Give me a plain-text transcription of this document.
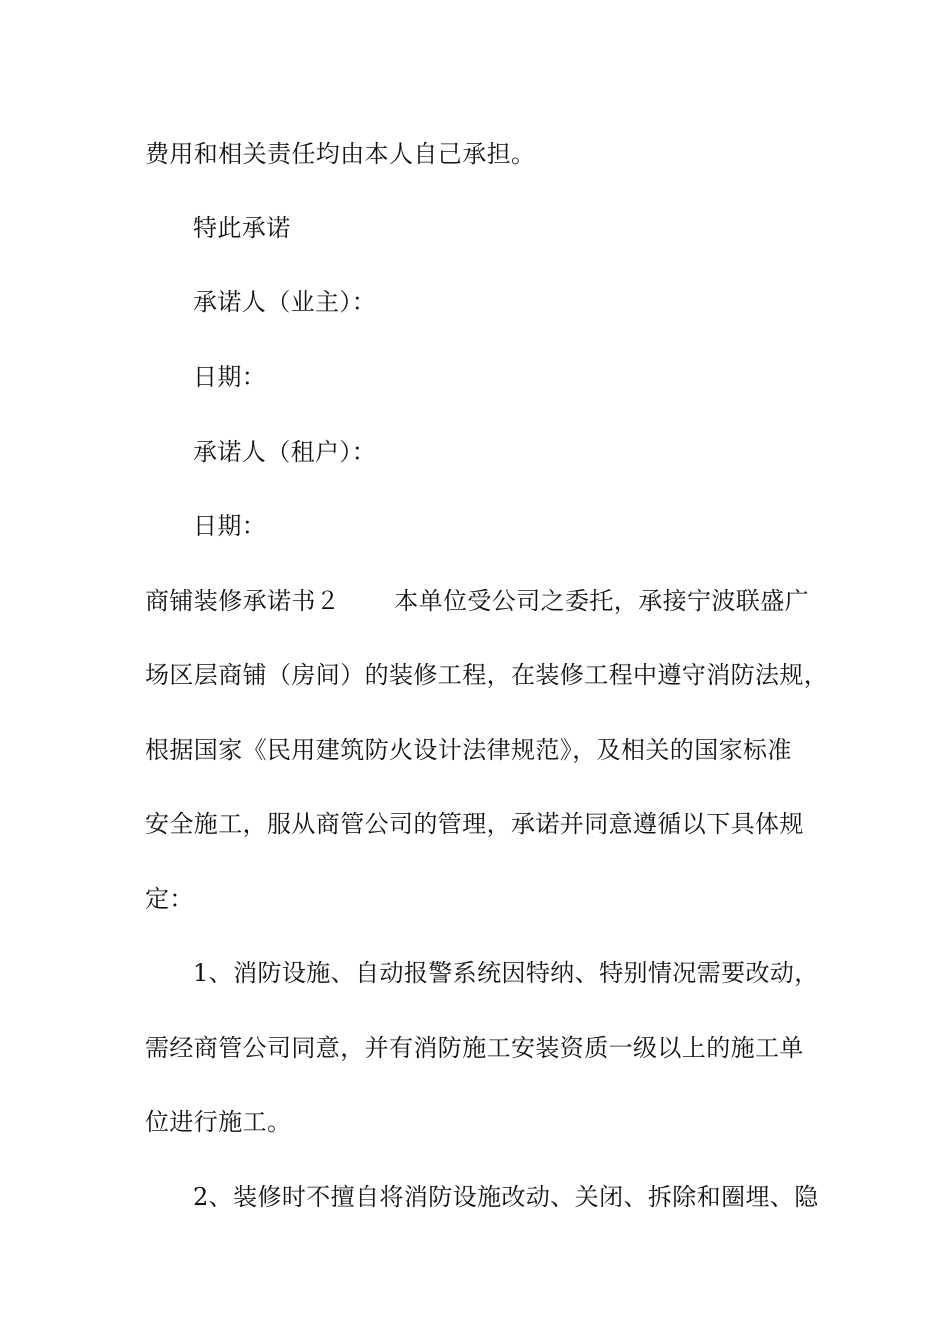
费用和相关责任均由本人自己承担。
特此承诺
承诺人（业主）：
日期：
承诺人（租户）：
日期：
商铺装修承诺书２ 本单位受公司之委托，承接宁波联盛广
场区层商铺（房间）的装修工程，在装修工程中遵守消防法规，
根据国家《民用建筑防火设计法律规范》，及相关的国家标准
安全施工，服从商管公司的管理，承诺并同意遵循以下具体规
定：
1、消防设施、自动报警系统因特纳、特别情况需要改动，
需经商管公司同意，并有消防施工安装资质一级以上的施工单
位进行施工。
2、装修时不擅自将消防设施改动、关闭、拆除和圈埋、隐
